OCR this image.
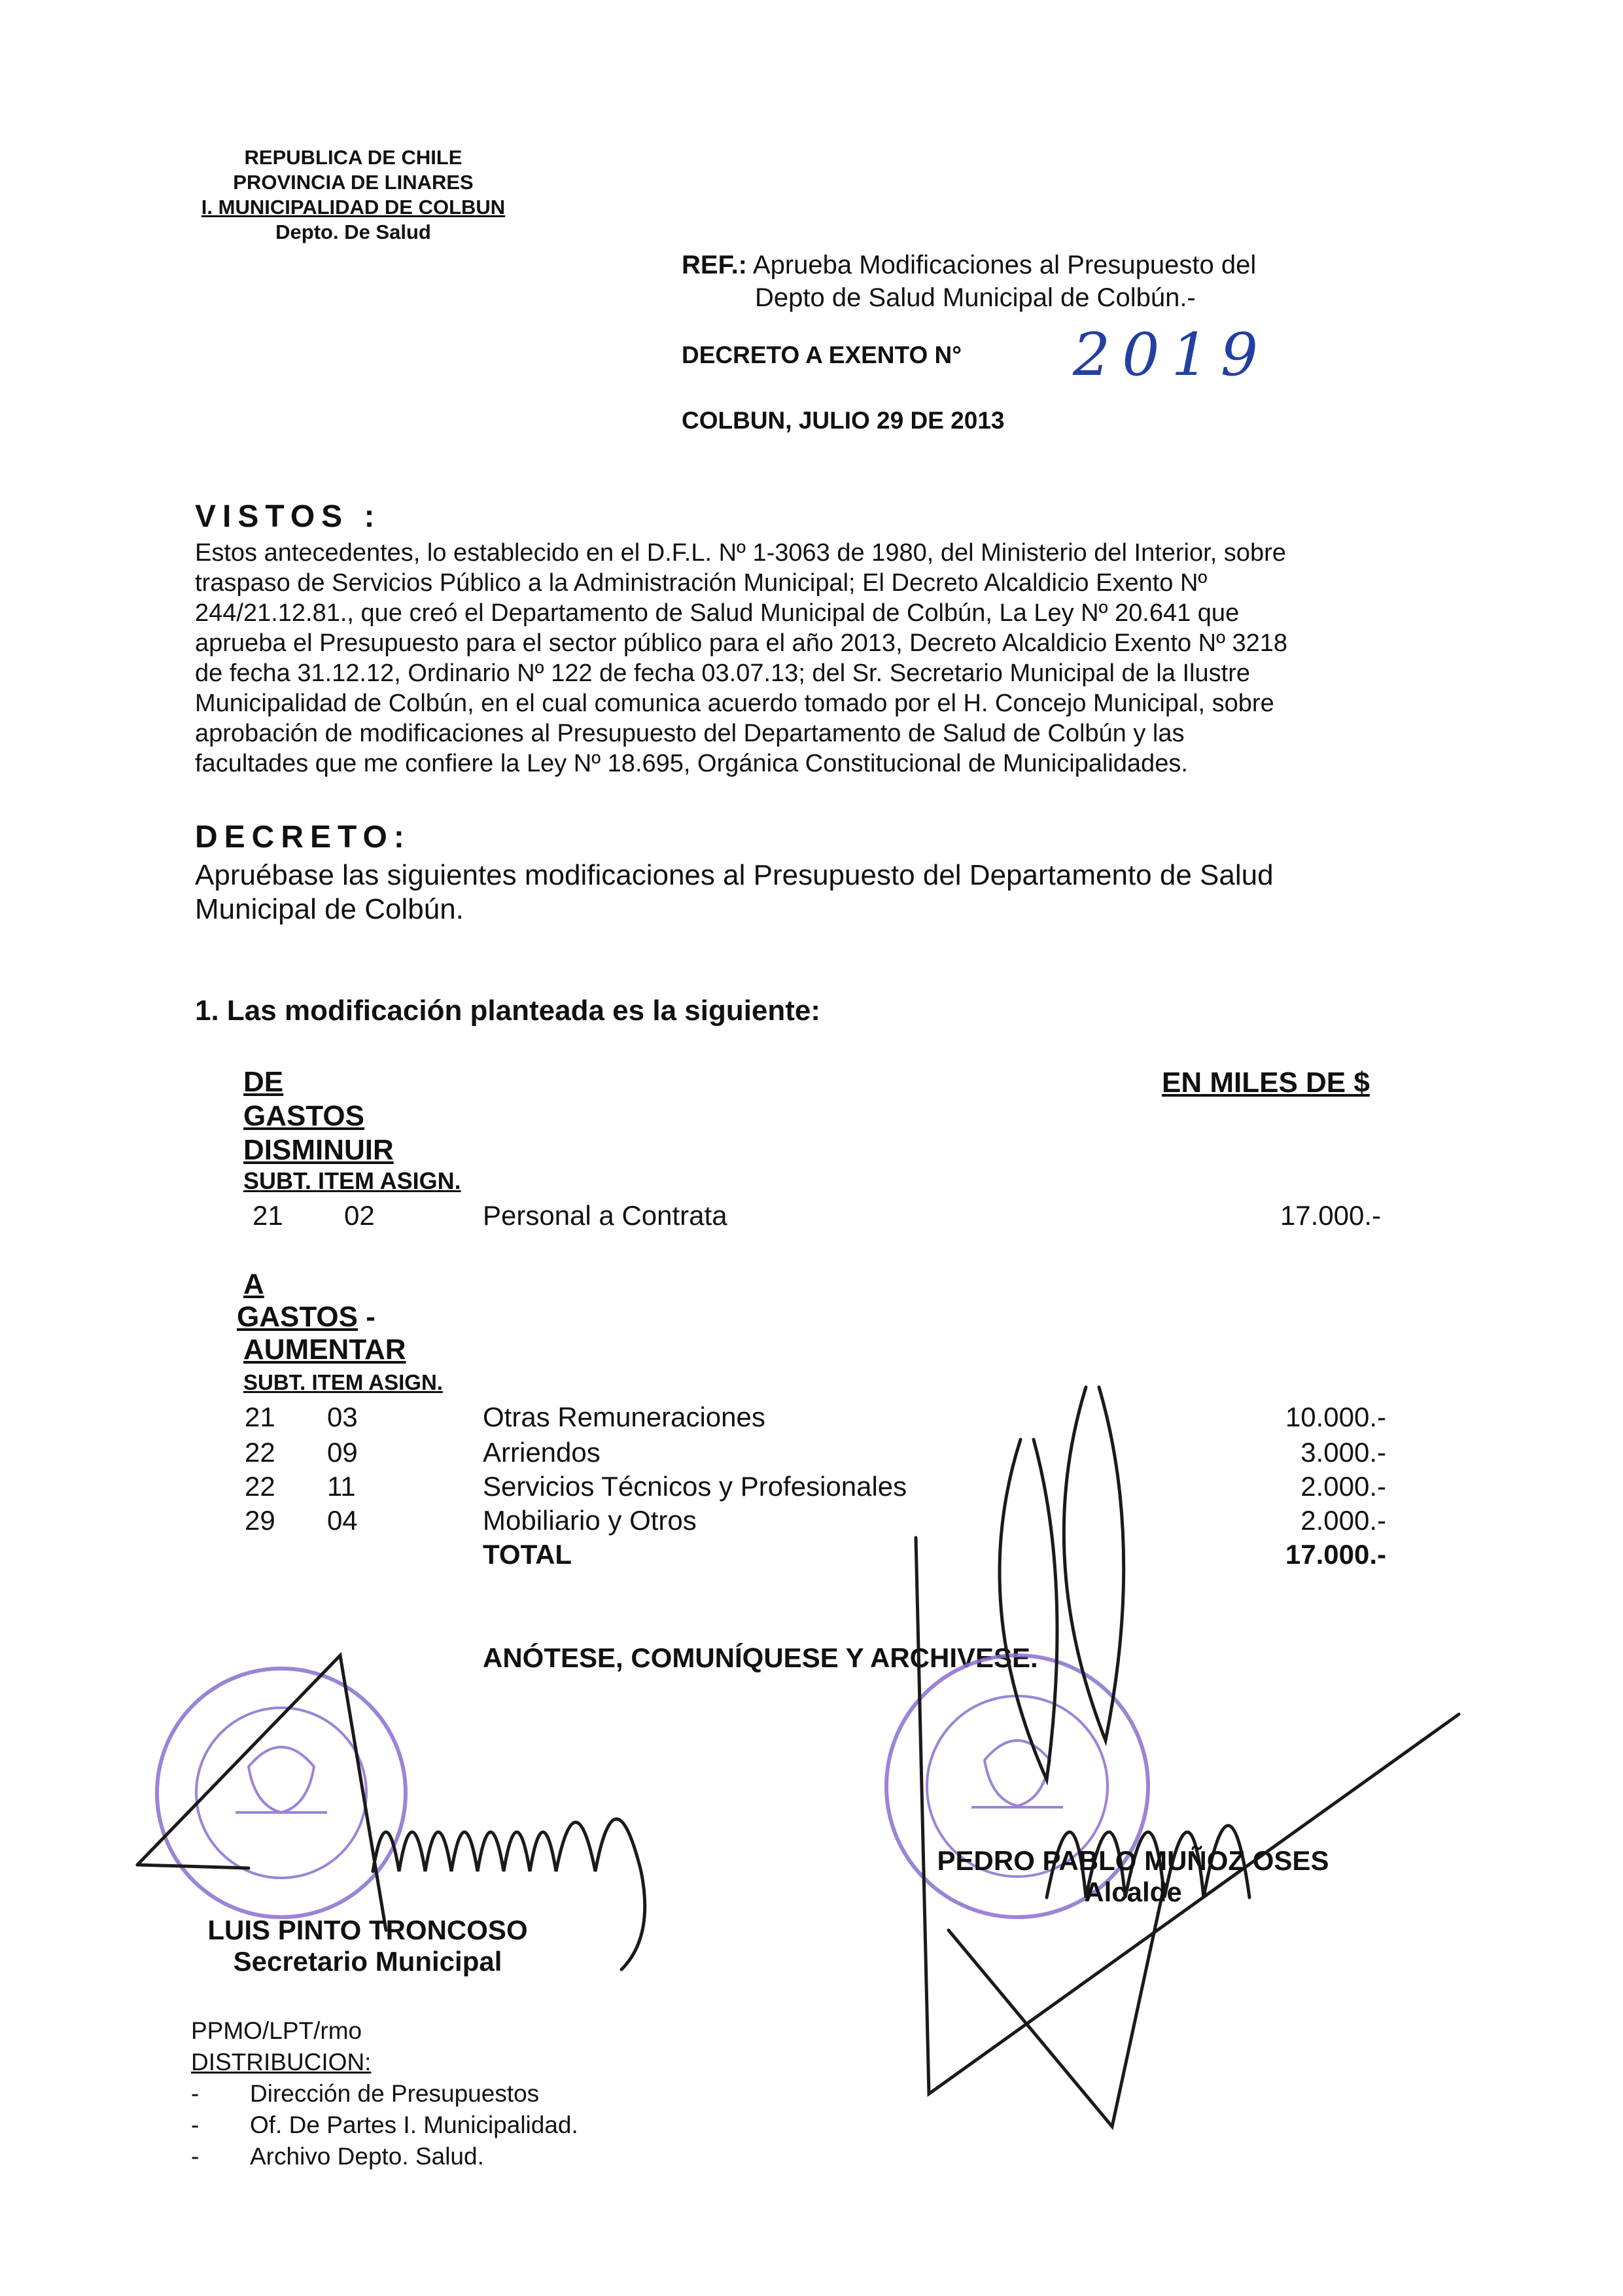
REPUBLICA DE CHILE
PROVINCIA DE LINARES
I. MUNICIPALIDAD DE COLBUN
Depto. De Salud
REF.: Aprueba Modificaciones al Presupuesto del
Depto de Salud Municipal de Colbún.-
DECRETO A EXENTO N° 2019
COLBUN, JULIO 29 DE 2013
VISTOS :
Estos antecedentes, lo establecido en el D.F.L. Nº 1-3063 de 1980, del Ministerio del Interior, sobre
traspaso de Servicios Público a la Administración Municipal; El Decreto Alcaldicio Exento Nº
244/21.12.81., que creó el Departamento de Salud Municipal de Colbún, La Ley Nº 20.641 que
aprueba el Presupuesto para el sector público para el año 2013, Decreto Alcaldicio Exento Nº 3218
de fecha 31.12.12, Ordinario Nº 122 de fecha 03.07.13; del Sr. Secretario Municipal de la Ilustre
Municipalidad de Colbún, en el cual comunica acuerdo tomado por el H. Concejo Municipal, sobre
aprobación de modificaciones al Presupuesto del Departamento de Salud de Colbún y las
facultades que me confiere la Ley Nº 18.695, Orgánica Constitucional de Municipalidades.
DECRETO:
Apruébase las siguientes modificaciones al Presupuesto del Departamento de Salud
Municipal de Colbún.
1. Las modificación planteada es la siguiente:
DE
GASTOS
DISMINUIR
EN MILES DE $
SUBT. ITEM ASIGN.
21 02	Personal a Contrata	17.000.-
A
GASTOS -
AUMENTAR
SUBT. ITEM ASIGN.
21 03	Otras Remuneraciones	10.000.-
22 09	Arriendos	3.000.-
22 11	Servicios Técnicos y Profesionales	2.000.-
29 04	Mobiliario y Otros	2.000.-
TOTAL	17.000.-
ANÓTESE, COMUNÍQUESE Y ARCHIVESE.
PEDRO PABLO MUÑOZ OSES
Alcalde
LUIS PINTO TRONCOSO
Secretario Municipal
PPMO/LPT/rmo
DISTRIBUCION:
- Dirección de Presupuestos
- Of. De Partes I. Municipalidad.
- Archivo Depto. Salud.
